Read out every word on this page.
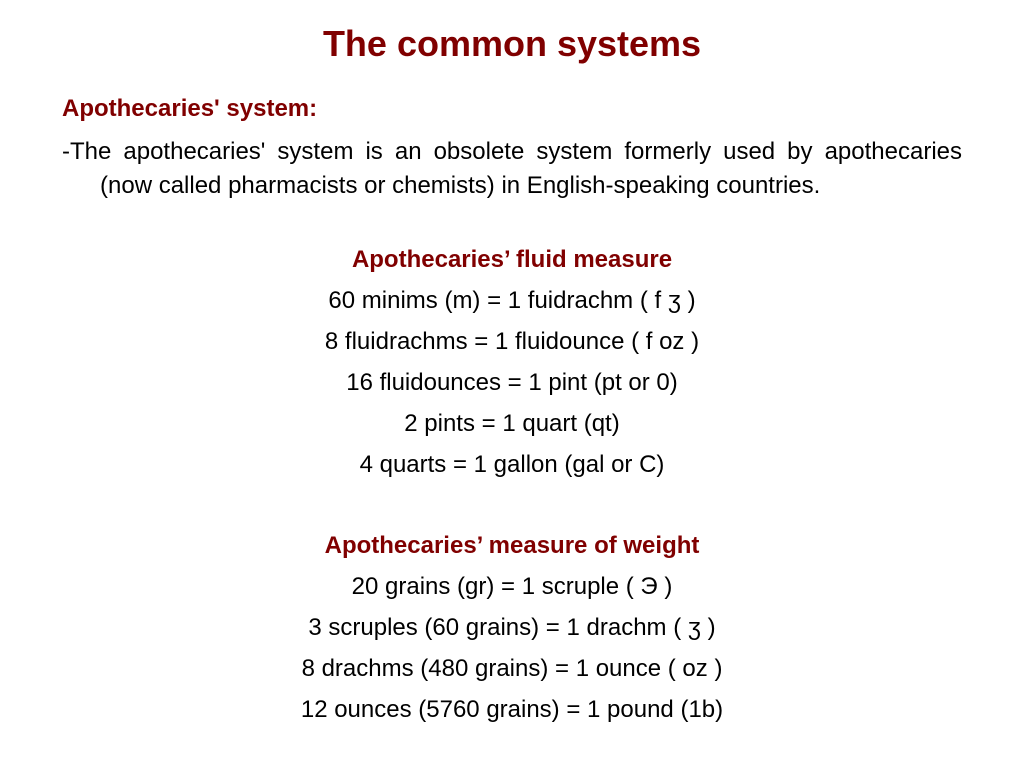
The common systems
Apothecaries' system:

-The apothecaries' system is an obsolete system formerly used by apothecaries (now called pharmacists or chemists) in English-speaking countries.

Apothecaries’ fluid measure

60 minims (m) = 1 fuidrachm ( f ʒ )

8 fluidrachms = 1 fluidounce ( f oz )

16 fluidounces = 1 pint (pt or 0)

2 pints = 1 quart (qt)

4 quarts = 1 gallon (gal or C)

Apothecaries’ measure of weight

20 grains (gr) = 1 scruple ( Э )

3 scruples (60 grains) = 1 drachm ( ʒ )

8 drachms (480 grains) = 1 ounce ( oz )

12 ounces (5760 grains) = 1 pound (1b)
